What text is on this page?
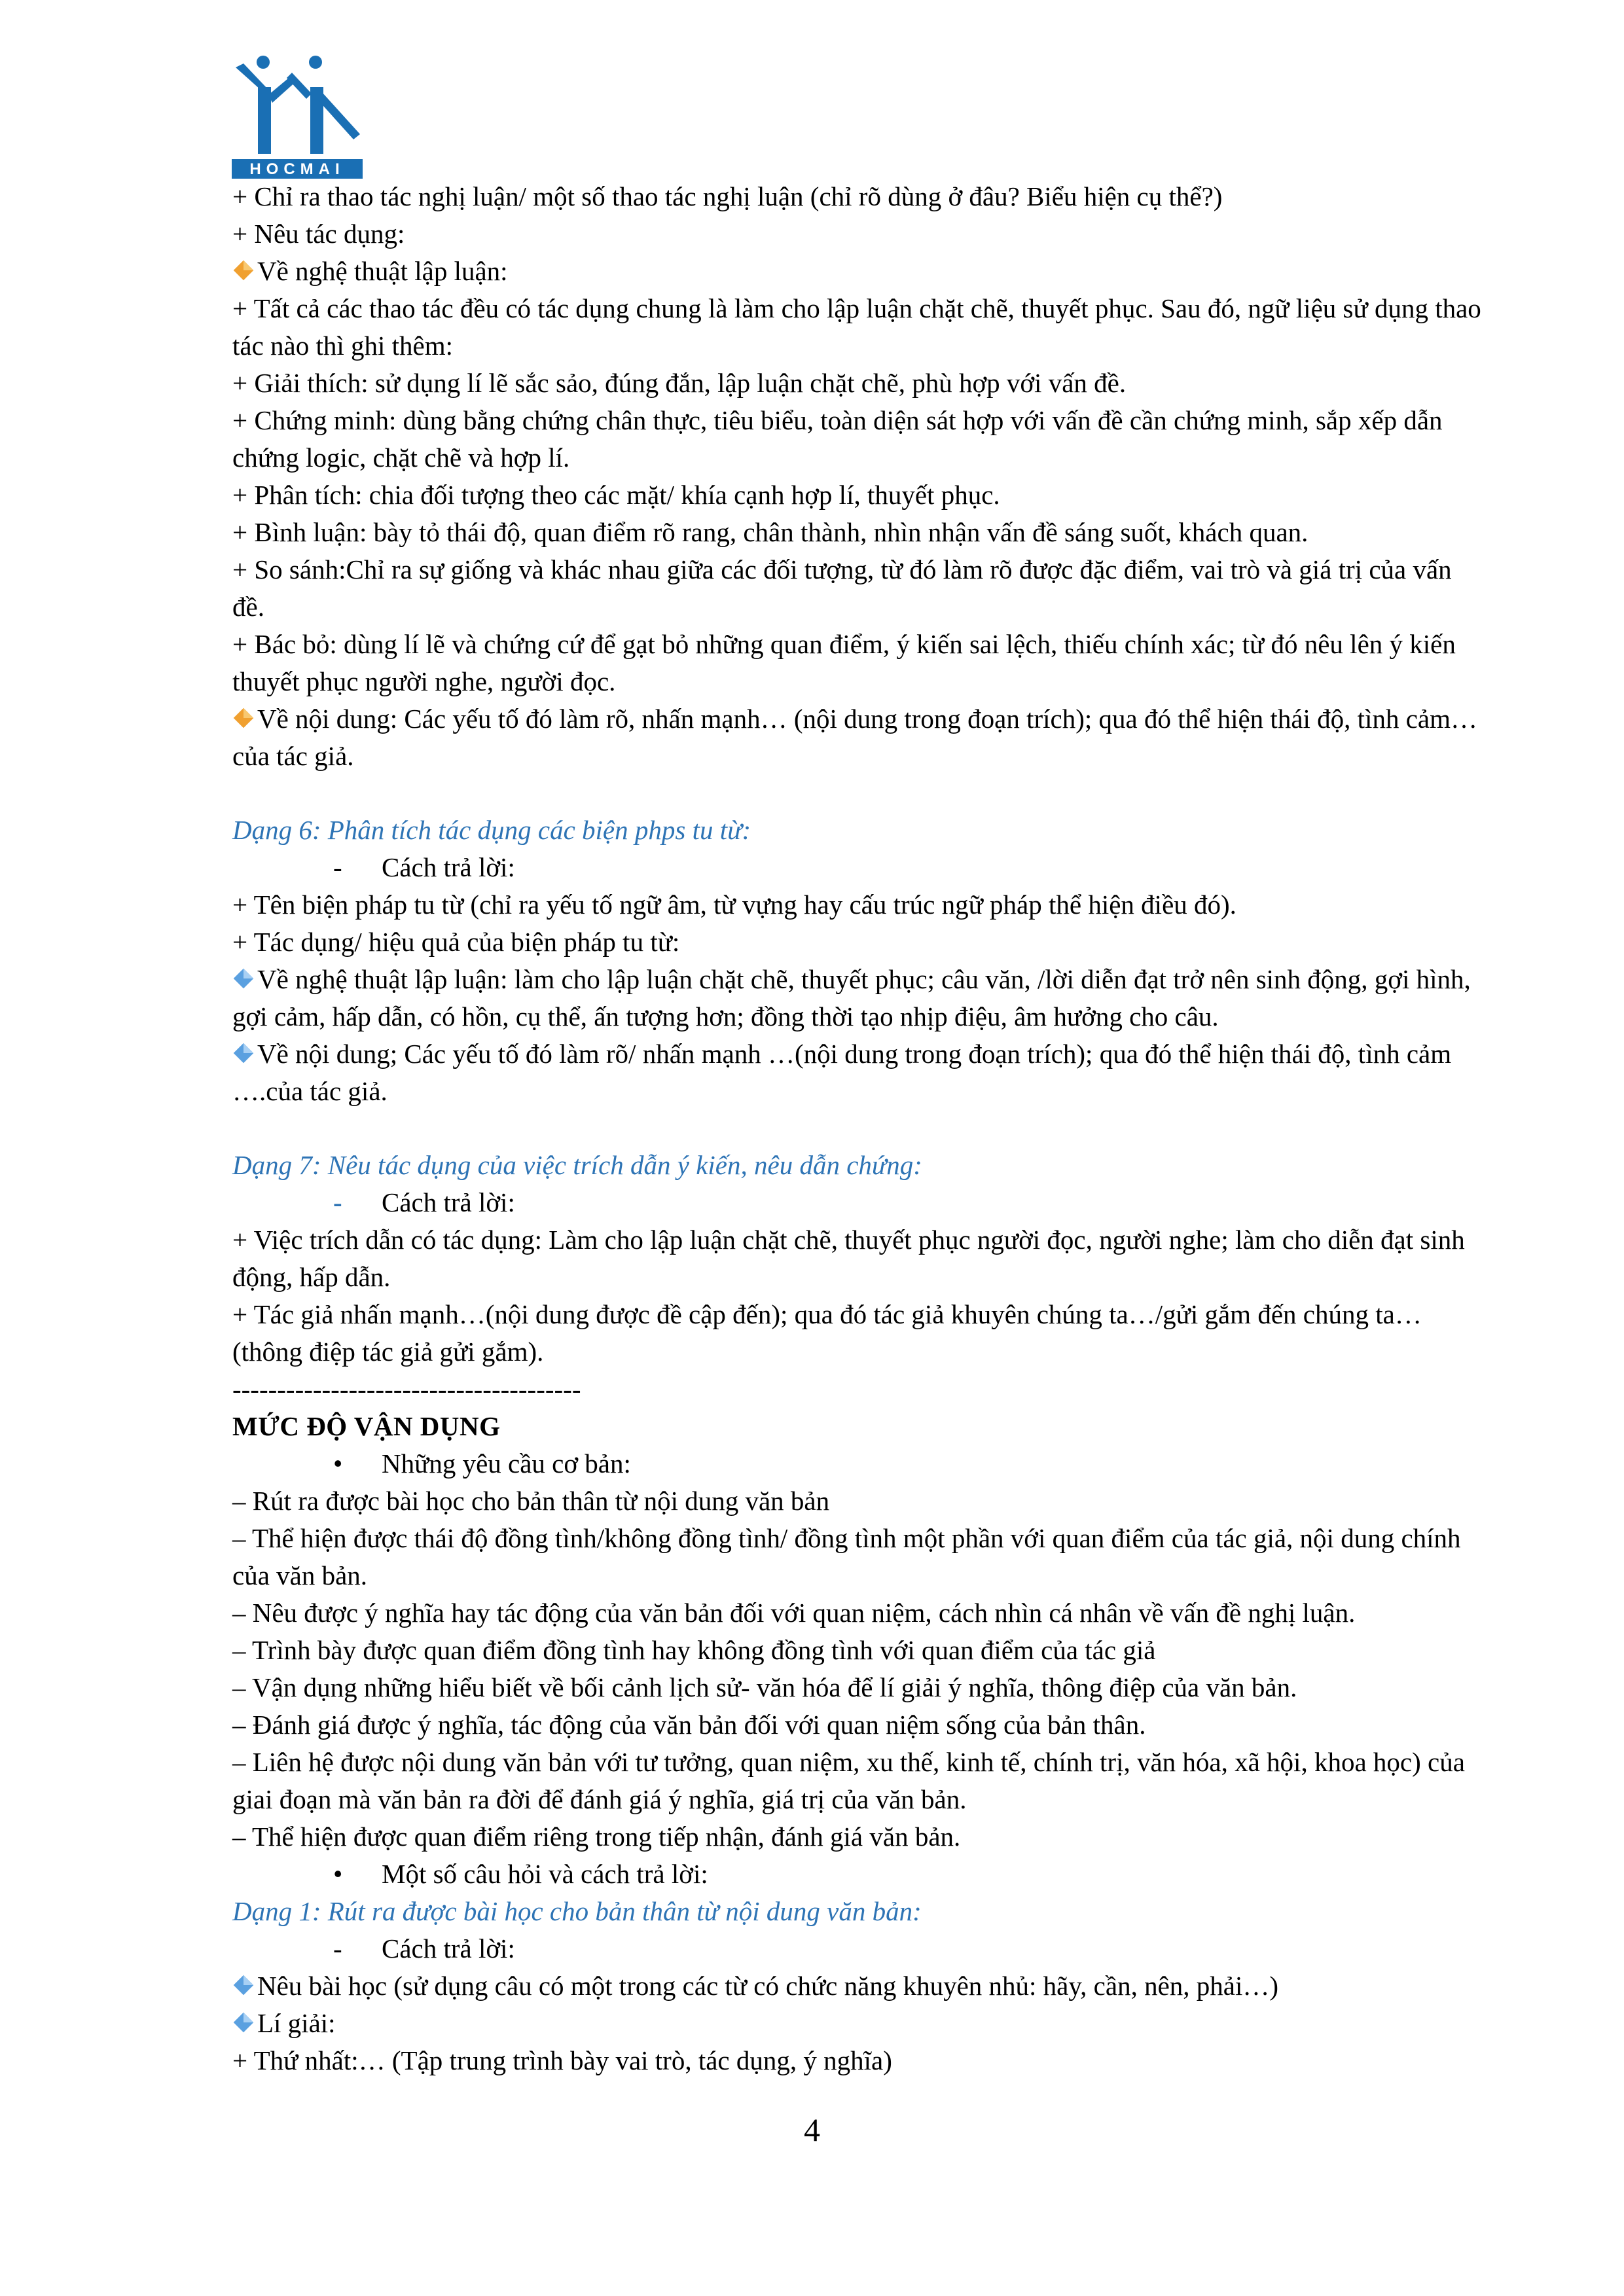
HOCMAI

+ Chỉ ra thao tác nghị luận/ một số thao tác nghị luận (chỉ rõ dùng ở đâu? Biểu hiện cụ thể?)

+ Nêu tác dụng:

Về nghệ thuật lập luận:

+ Tất cả các thao tác đều có tác dụng chung là làm cho lập luận chặt chẽ, thuyết phục. Sau đó, ngữ liệu sử dụng thao tác nào thì ghi thêm:

+ Giải thích: sử dụng lí lẽ sắc sảo, đúng đắn, lập luận chặt chẽ, phù hợp với vấn đề.

+ Chứng minh: dùng bằng chứng chân thực, tiêu biểu, toàn diện sát hợp với vấn đề cần chứng minh, sắp xếp dẫn chứng logic, chặt chẽ và hợp lí.

+ Phân tích: chia đối tượng theo các mặt/ khía cạnh hợp lí, thuyết phục.

+ Bình luận: bày tỏ thái độ, quan điểm rõ rang, chân thành, nhìn nhận vấn đề sáng suốt, khách quan.

+ So sánh:Chỉ ra sự giống và khác nhau giữa các đối tượng, từ đó làm rõ được đặc điểm, vai trò và giá trị của vấn đề.

+ Bác bỏ: dùng lí lẽ và chứng cứ để gạt bỏ những quan điểm, ý kiến sai lệch, thiếu chính xác; từ đó nêu lên ý kiến thuyết phục người nghe, người đọc.

Về nội dung: Các yếu tố đó làm rõ, nhấn mạnh… (nội dung trong đoạn trích); qua đó thể hiện thái độ, tình cảm…của tác giả.

Dạng 6: Phân tích tác dụng các biện phps tu từ:

- Cách trả lời:

+ Tên biện pháp tu từ (chỉ ra yếu tố ngữ âm, từ vựng hay cấu trúc ngữ pháp thể hiện điều đó).

+ Tác dụng/ hiệu quả của biện pháp tu từ:

Về nghệ thuật lập luận: làm cho lập luận chặt chẽ, thuyết phục; câu văn, /lời diễn đạt trở nên sinh động, gợi hình, gợi cảm, hấp dẫn, có hồn, cụ thể, ấn tượng hơn; đồng thời tạo nhịp điệu, âm hưởng cho câu.

Về nội dung; Các yếu tố đó làm rõ/ nhấn mạnh …(nội dung trong đoạn trích); qua đó thể hiện thái độ, tình cảm ….của tác giả.

Dạng 7: Nêu tác dụng của việc trích dẫn ý kiến, nêu dẫn chứng:

- Cách trả lời:

+ Việc trích dẫn có tác dụng: Làm cho lập luận chặt chẽ, thuyết phục người đọc, người nghe; làm cho diễn đạt sinh động, hấp dẫn.

+ Tác giả nhấn mạnh…(nội dung được đề cập đến); qua đó tác giả khuyên chúng ta…/gửi gắm đến chúng ta…(thông điệp tác giả gửi gắm).

---------------------------------------

MỨC ĐỘ VẬN DỤNG

• Những yêu cầu cơ bản:

– Rút ra được bài học cho bản thân từ nội dung văn bản

– Thể hiện được thái độ đồng tình/không đồng tình/ đồng tình một phần với quan điểm của tác giả, nội dung chính của văn bản.

– Nêu được ý nghĩa hay tác động của văn bản đối với quan niệm, cách nhìn cá nhân về vấn đề nghị luận.

– Trình bày được quan điểm đồng tình hay không đồng tình với quan điểm của tác giả

– Vận dụng những hiểu biết về bối cảnh lịch sử- văn hóa để lí giải ý nghĩa, thông điệp của văn bản.

– Đánh giá được ý nghĩa, tác động của văn bản đối với quan niệm sống của bản thân.

– Liên hệ được nội dung văn bản với tư tưởng, quan niệm, xu thế, kinh tế, chính trị, văn hóa, xã hội, khoa học) của giai đoạn mà văn bản ra đời để đánh giá ý nghĩa, giá trị của văn bản.

– Thể hiện được quan điểm riêng trong tiếp nhận, đánh giá văn bản.

• Một số câu hỏi và cách trả lời:

Dạng 1: Rút ra được bài học cho bản thân từ nội dung văn bản:

- Cách trả lời:

Nêu bài học (sử dụng câu có một trong các từ có chức năng khuyên nhủ: hãy, cần, nên, phải…)

Lí giải:

+ Thứ nhất:… (Tập trung trình bày vai trò, tác dụng, ý nghĩa)

4
